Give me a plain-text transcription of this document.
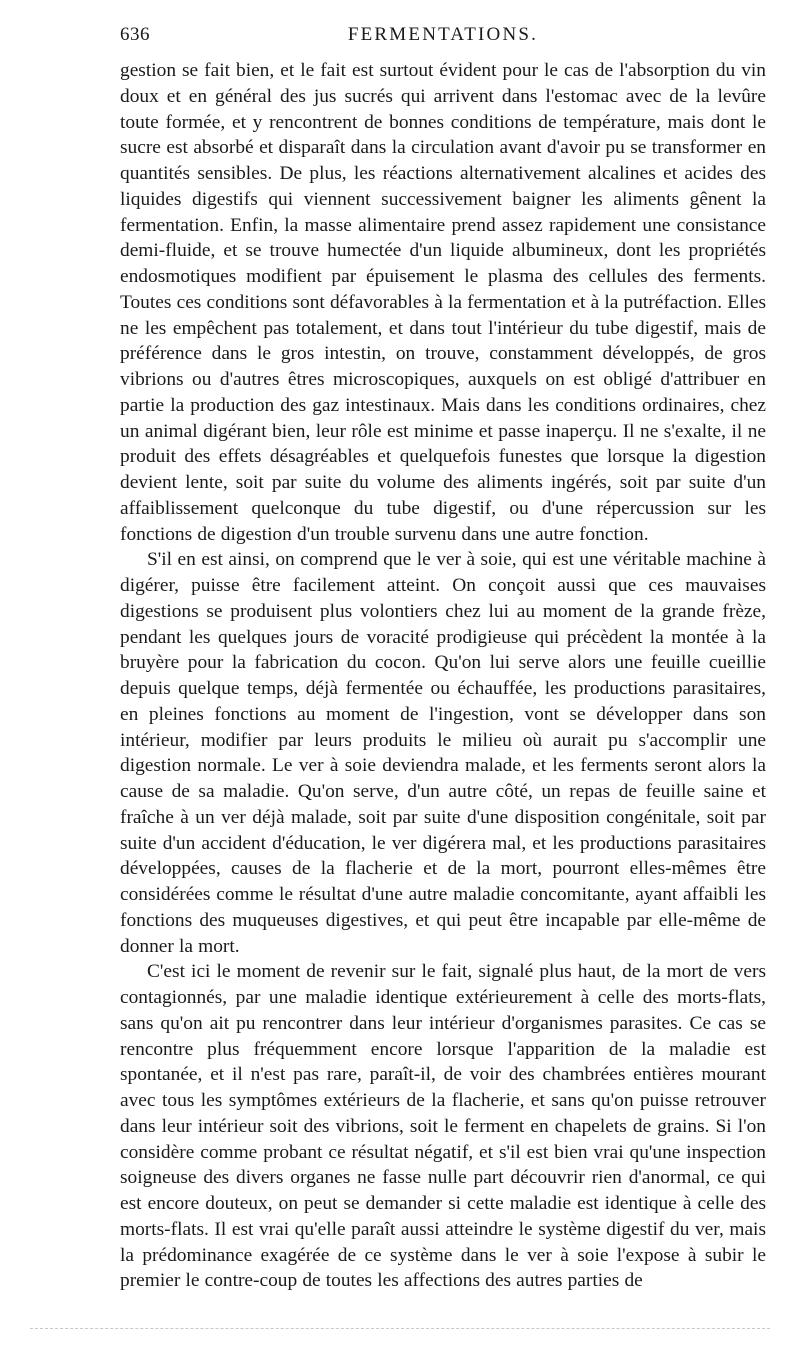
636	FERMENTATIONS.

gestion se fait bien, et le fait est surtout évident pour le cas de l'absorption du vin doux et en général des jus sucrés qui arrivent dans l'estomac avec de la levûre toute formée, et y rencontrent de bonnes conditions de température, mais dont le sucre est absorbé et disparaît dans la circulation avant d'avoir pu se transformer en quantités sensibles. De plus, les réactions alternativement alcalines et acides des liquides digestifs qui viennent successivement baigner les aliments gênent la fermentation. Enfin, la masse alimentaire prend assez rapidement une consistance demi-fluide, et se trouve humectée d'un liquide albumineux, dont les propriétés endosmotiques modifient par épuisement le plasma des cellules des ferments. Toutes ces conditions sont défavorables à la fermentation et à la putréfaction. Elles ne les empêchent pas totalement, et dans tout l'intérieur du tube digestif, mais de préférence dans le gros intestin, on trouve, constamment développés, de gros vibrions ou d'autres êtres microscopiques, auxquels on est obligé d'attribuer en partie la production des gaz intestinaux. Mais dans les conditions ordinaires, chez un animal digérant bien, leur rôle est minime et passe inaperçu. Il ne s'exalte, il ne produit des effets désagréables et quelquefois funestes que lorsque la digestion devient lente, soit par suite du volume des aliments ingérés, soit par suite d'un affaiblissement quelconque du tube digestif, ou d'une répercussion sur les fonctions de digestion d'un trouble survenu dans une autre fonction.

S'il en est ainsi, on comprend que le ver à soie, qui est une véritable machine à digérer, puisse être facilement atteint. On conçoit aussi que ces mauvaises digestions se produisent plus volontiers chez lui au moment de la grande frèze, pendant les quelques jours de voracité prodigieuse qui précèdent la montée à la bruyère pour la fabrication du cocon. Qu'on lui serve alors une feuille cueillie depuis quelque temps, déjà fermentée ou échauffée, les productions parasitaires, en pleines fonctions au moment de l'ingestion, vont se développer dans son intérieur, modifier par leurs produits le milieu où aurait pu s'accomplir une digestion normale. Le ver à soie deviendra malade, et les ferments seront alors la cause de sa maladie. Qu'on serve, d'un autre côté, un repas de feuille saine et fraîche à un ver déjà malade, soit par suite d'une disposition congénitale, soit par suite d'un accident d'éducation, le ver digérera mal, et les productions parasitaires développées, causes de la flacherie et de la mort, pourront elles-mêmes être considérées comme le résultat d'une autre maladie concomitante, ayant affaibli les fonctions des muqueuses digestives, et qui peut être incapable par elle-même de donner la mort.

C'est ici le moment de revenir sur le fait, signalé plus haut, de la mort de vers contagionnés, par une maladie identique extérieurement à celle des morts-flats, sans qu'on ait pu rencontrer dans leur intérieur d'organismes parasites. Ce cas se rencontre plus fréquemment encore lorsque l'apparition de la maladie est spontanée, et il n'est pas rare, paraît-il, de voir des chambrées entières mourant avec tous les symptômes extérieurs de la flacherie, et sans qu'on puisse retrouver dans leur intérieur soit des vibrions, soit le ferment en chapelets de grains. Si l'on considère comme probant ce résultat négatif, et s'il est bien vrai qu'une inspection soigneuse des divers organes ne fasse nulle part découvrir rien d'anormal, ce qui est encore douteux, on peut se demander si cette maladie est identique à celle des morts-flats. Il est vrai qu'elle paraît aussi atteindre le système digestif du ver, mais la prédominance exagérée de ce système dans le ver à soie l'expose à subir le premier le contre-coup de toutes les affections des autres parties de
